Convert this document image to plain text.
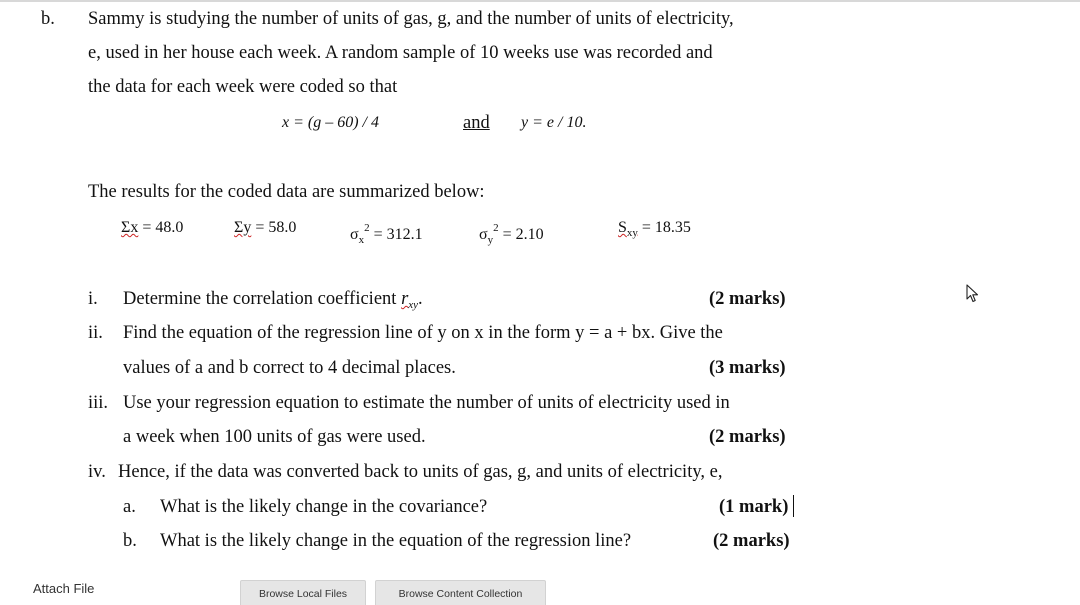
b. Sammy is studying the number of units of gas, g, and the number of units of electricity,
e, used in her house each week. A random sample of 10 weeks use was recorded and
the data for each week were coded so that
x = (g – 60) / 4	and	y = e / 10.
The results for the coded data are summarized below:
Σx = 48.0	Σy = 58.0	$\sigma_x^2 = 312.1$	$\sigma_y^2 = 2.10$	$S_{xy} = 18.35$
i. Determine the correlation coefficient $r_{xy}$.	(2 marks)
ii. Find the equation of the regression line of y on x in the form y = a + bx. Give the
values of a and b correct to 4 decimal places.	(3 marks)
iii. Use your regression equation to estimate the number of units of electricity used in
a week when 100 units of gas were used.	(2 marks)
iv. Hence, if the data was converted back to units of gas, g, and units of electricity, e,
a. What is the likely change in the covariance?	(1 mark)
b. What is the likely change in the equation of the regression line?	(2 marks)
Attach File	Browse Local Files	Browse Content Collection
